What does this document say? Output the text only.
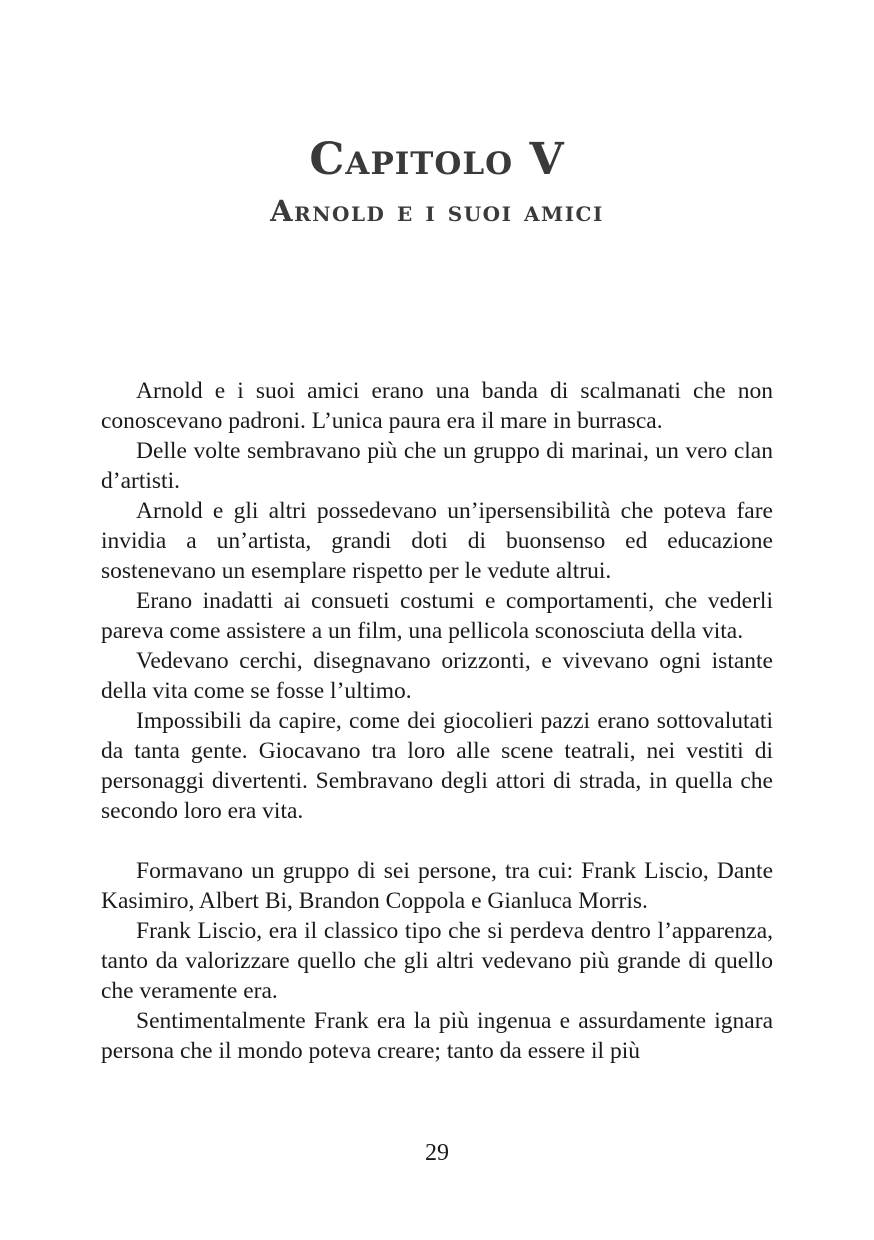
Capitolo V
Arnold e i suoi amici

Arnold e i suoi amici erano una banda di scalmanati che non conoscevano padroni. L’unica paura era il mare in burrasca.

Delle volte sembravano più che un gruppo di marinai, un vero clan d’artisti.

Arnold e gli altri possedevano un’ipersensibilità che poteva fare invidia a un’artista, grandi doti di buonsenso ed educazione sostenevano un esemplare rispetto per le vedute altrui.

Erano inadatti ai consueti costumi e comportamenti, che vederli pareva come assistere a un film, una pellicola sconosciuta della vita.

Vedevano cerchi, disegnavano orizzonti, e vivevano ogni istante della vita come se fosse l’ultimo.

Impossibili da capire, come dei giocolieri pazzi erano sottovalutati da tanta gente. Giocavano tra loro alle scene teatrali, nei vestiti di personaggi divertenti. Sembravano degli attori di strada, in quella che secondo loro era vita.

Formavano un gruppo di sei persone, tra cui: Frank Liscio, Dante Kasimiro, Albert Bi, Brandon Coppola e Gianluca Morris.

Frank Liscio, era il classico tipo che si perdeva dentro l’apparenza, tanto da valorizzare quello che gli altri vedevano più grande di quello che veramente era.

Sentimentalmente Frank era la più ingenua e assurdamente ignara persona che il mondo poteva creare; tanto da essere il più

29
